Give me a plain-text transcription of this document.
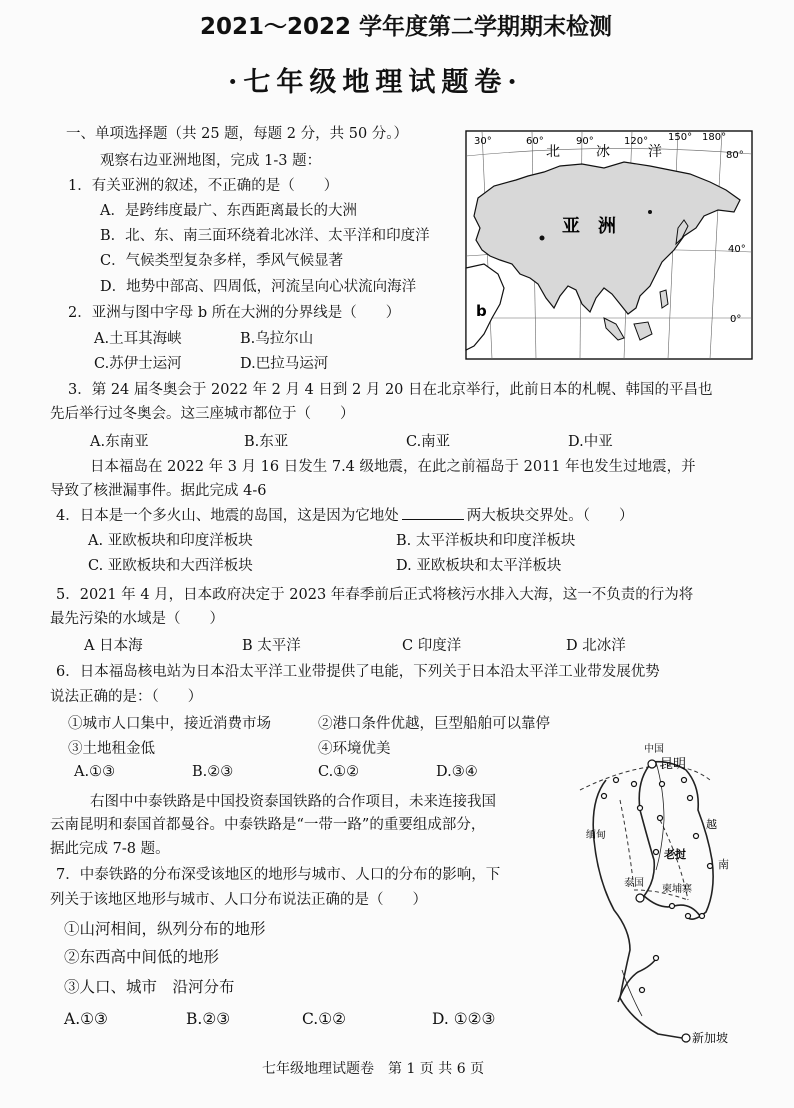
2021～2022 学年度第二学期期末检测
·七年级地理试题卷·
一、单项选择题（共 25 题，每题 2 分，共 50 分。）
观察右边亚洲地图，完成 1-3 题：
1．有关亚洲的叙述，不正确的是（　　）
A．是跨纬度最广、东西距离最长的大洲
B．北、东、南三面环绕着北冰洋、太平洋和印度洋
C．气候类型复杂多样，季风气候显著
D．地势中部高、四周低，河流呈向心状流向海洋
2．亚洲与图中字母 b 所在大洲的分界线是（　　）
A.土耳其海峡	B.乌拉尔山
C.苏伊士运河	D.巴拉马运河
30°	60°	90°	120° 150° 180°
北	冰	洋	80°
40°
0°
亚　洲
b
3．第 24 届冬奥会于 2022 年 2 月 4 日到 2 月 20 日在北京举行，此前日本的札幌、韩国的平昌也
先后举行过冬奥会。这三座城市都位于（　　）
A.东南亚	B.东亚	C.南亚	D.中亚
日本福岛在 2022 年 3 月 16 日发生 7.4 级地震，在此之前福岛于 2011 年也发生过地震，并
导致了核泄漏事件。据此完成 4-6
4．日本是一个多火山、地震的岛国，这是因为它地处	两大板块交界处。（　　）
A. 亚欧板块和印度洋板块	B. 太平洋板块和印度洋板块
C. 亚欧板块和大西洋板块	D. 亚欧板块和太平洋板块
5．2021 年 4 月，日本政府决定于 2023 年春季前后正式将核污水排入大海，这一不负责的行为将
最先污染的水域是（　　）
A 日本海	B 太平洋	C 印度洋	D 北冰洋
6．日本福岛核电站为日本沿太平洋工业带提供了电能，下列关于日本沿太平洋工业带发展优势
说法正确的是：（　　）
①城市人口集中，接近消费市场	②港口条件优越，巨型船舶可以靠停
③土地租金低	④环境优美
A.①③	B.②③	C.①②	D.③④
右图中中泰铁路是中国投资泰国铁路的合作项目，未来连接我国
云南昆明和泰国首都曼谷。中泰铁路是“一带一路”的重要组成部分，
据此完成 7-8 题。
7．中泰铁路的分布深受该地区的地形与城市、人口的分布的影响，下
列关于该地区地形与城市、人口分布说法正确的是（　　）
①山河相间，纵列分布的地形
②东西高中间低的地形
③人口、城市　沿河分布
A.①③	B.②③	C.①②	D. ①②③
中国
昆明
缅甸
老挝
泰国
柬埔寨
越
南
新加坡
七年级地理试题卷　第 1 页 共 6 页
